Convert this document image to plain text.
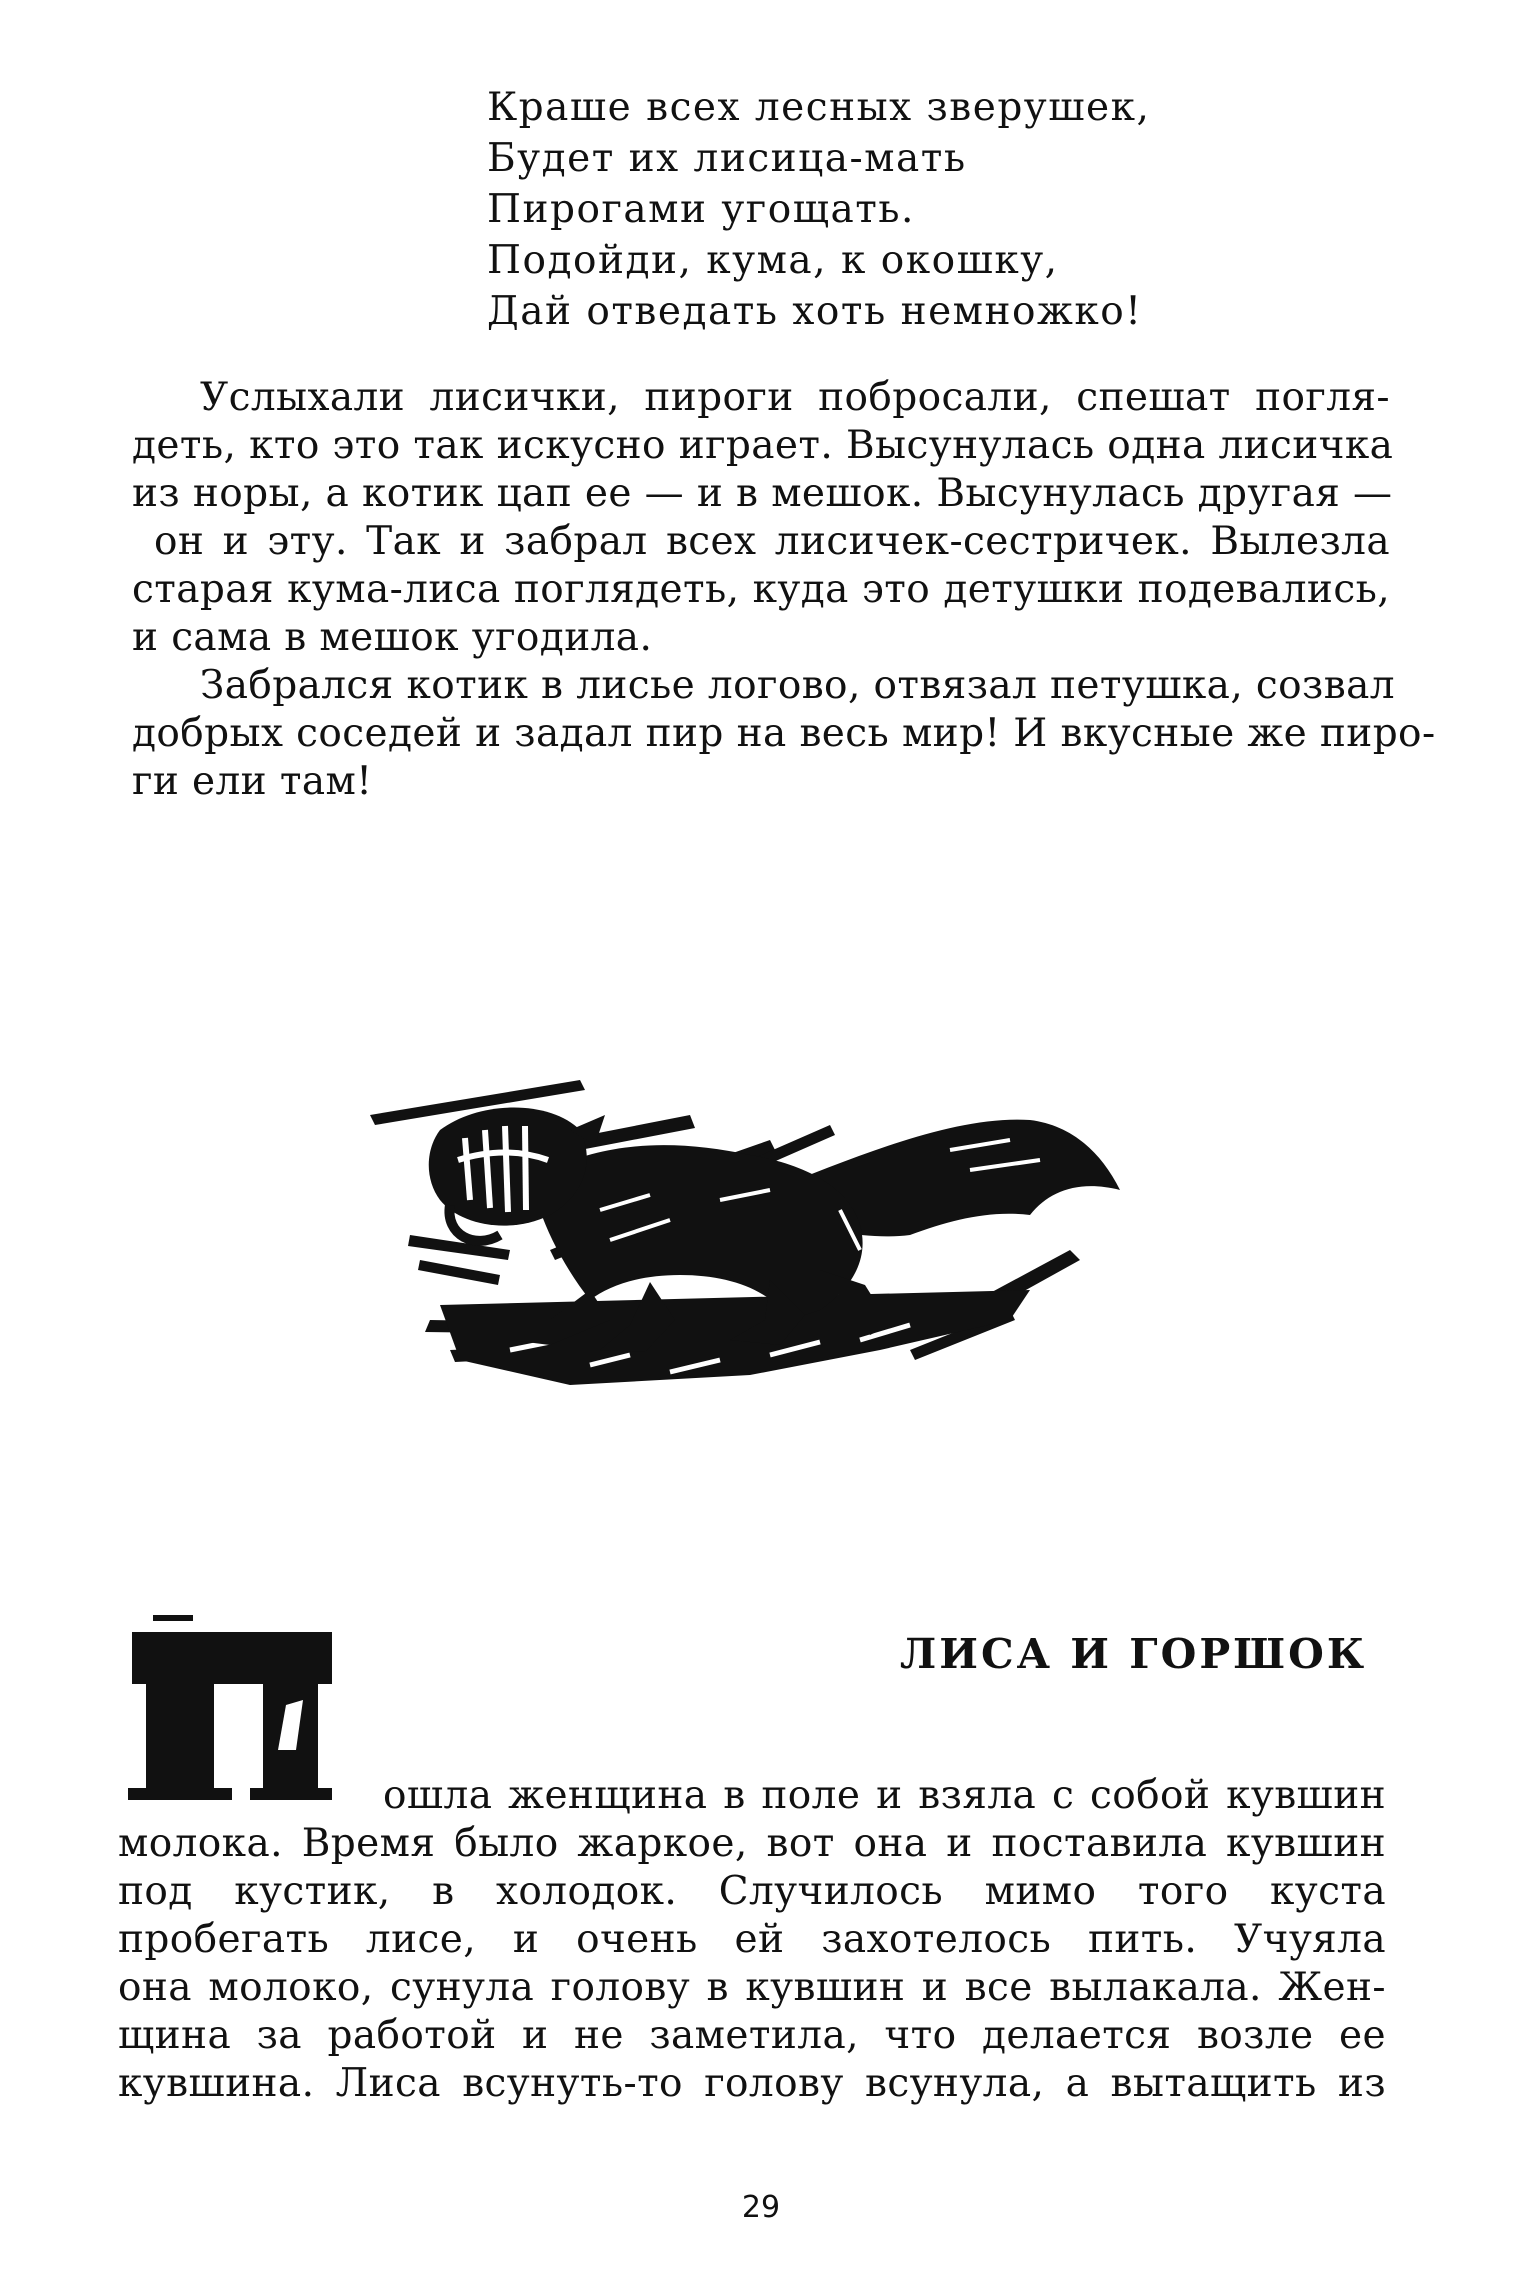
Краше всех лесных зверушек,
Будет их лисица-мать
Пирогами угощать.
Подойди, кума, к окошку,
Дай отведать хоть немножко!

Услыхали лисички, пироги побросали, спешат погля-
деть, кто это так искусно играет. Высунулась одна лисичка
из норы, а котик цап ее — и в мешок. Высунулась другая —
он и эту. Так и забрал всех лисичек-сестричек. Вылезла
старая кума-лиса поглядеть, куда это детушки подевались,
и сама в мешок угодила.

Забрался котик в лисье логово, отвязал петушка, созвал
добрых соседей и задал пир на весь мир! И вкусные же пиро-
ги ели там!

ЛИСА И ГОРШОК
ошла женщина в поле и взяла с собой кувшин
молока. Время было жаркое, вот она и поставила кувшин
под кустик, в холодок. Случилось мимо того куста
пробегать лисе, и очень ей захотелось пить. Учуяла
она молоко, сунула голову в кувшин и все вылакала. Жен-
щина за работой и не заметила, что делается возле ее
кувшина. Лиса всунуть-то голову всунула, а вытащить из
29
